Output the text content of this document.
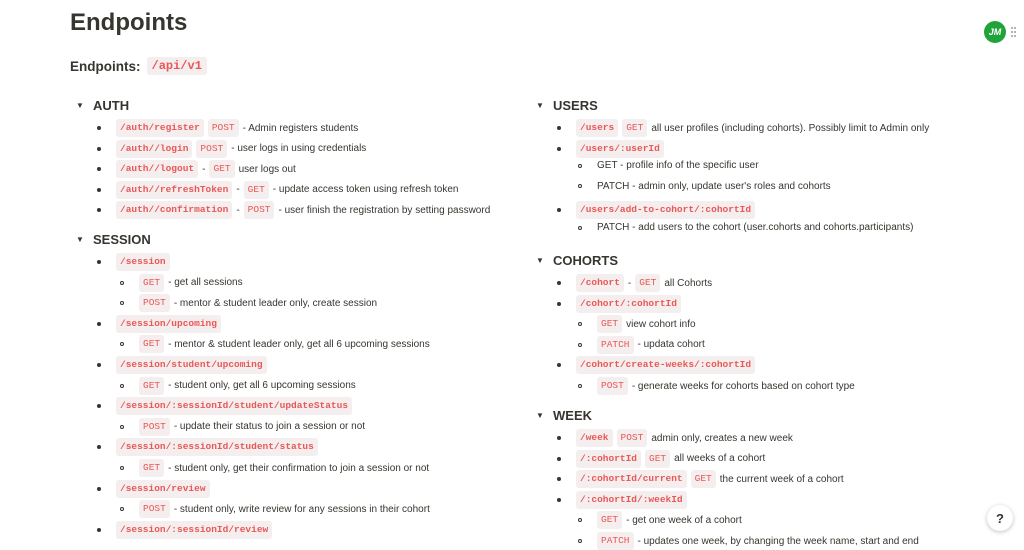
Endpoints
Endpoints: /api/v1
JM
▼ AUTH
/auth/register	POST - Admin registers students
/auth//login	POST - user logs in using credentials
/auth//logout - GET user logs out
/auth//refreshToken - GET - update access token using refresh token
/auth//confirmation - POST - user finish the registration by setting password
▼ SESSION
/session
GET - get all sessions
POST - mentor & student leader only, create session
/session/upcoming
GET - mentor & student leader only, get all 6 upcoming sessions
/session/student/upcoming
GET - student only, get all 6 upcoming sessions
/session/:sessionId/student/updateStatus
POST - update their status to join a session or not
/session/:sessionId/student/status
GET - student only, get their confirmation to join a session or not
/session/review
POST - student only, write review for any sessions in their cohort
/session/:sessionId/review
▼ USERS
/users	GET all user profiles (including cohorts). Possibly limit to Admin only
/users/:userId
GET - profile info of the specific user
PATCH - admin only, update user's roles and cohorts
/users/add-to-cohort/:cohortId
PATCH - add users to the cohort (user.cohorts and cohorts.participants)
▼ COHORTS
/cohort - GET all Cohorts
/cohort/:cohortId
GET view cohort info
PATCH - updata cohort
/cohort/create-weeks/:cohortId
POST - generate weeks for cohorts based on cohort type
▼ WEEK
/week	POST admin only, creates a new week
/:cohortId	GET all weeks of a cohort
/:cohortId/current	GET the current week of a cohort
/:cohortId/:weekId
GET - get one week of a cohort
PATCH - updates one week, by changing the week name, start and end
?
